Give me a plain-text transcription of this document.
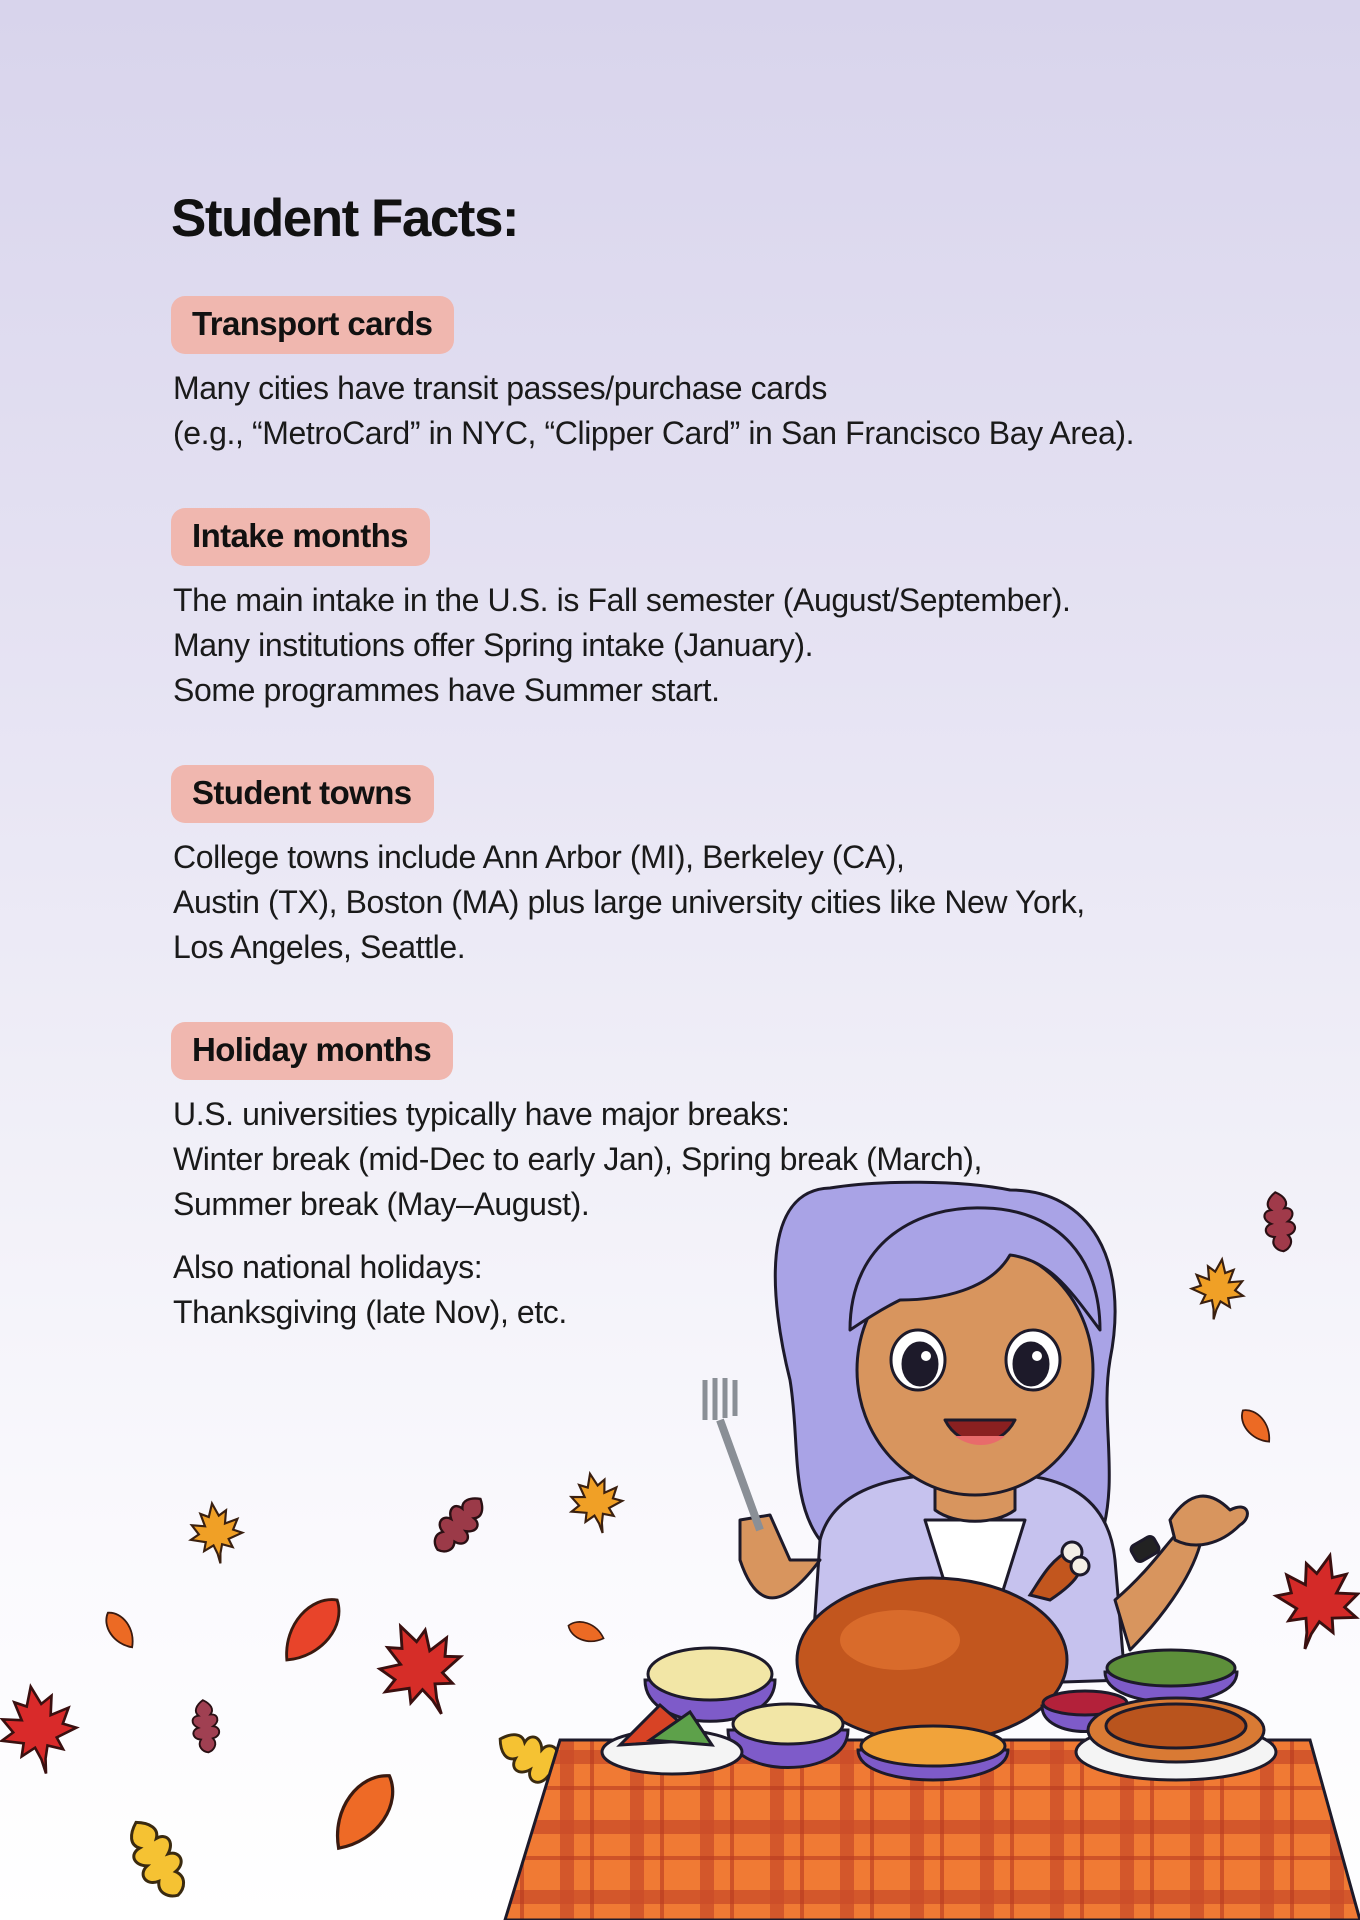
Student Facts:
Transport cards

Many cities have transit passes/purchase cards
(e.g., “MetroCard” in NYC, “Clipper Card” in San Francisco Bay Area).

Intake months

The main intake in the U.S. is Fall semester (August/September).
Many institutions offer Spring intake (January).
Some programmes have Summer start.

Student towns

College towns include Ann Arbor (MI), Berkeley (CA),
Austin (TX), Boston (MA) plus large university cities like New York,
Los Angeles, Seattle.

Holiday months

U.S. universities typically have major breaks:
Winter break (mid-Dec to early Jan), Spring break (March),
Summer break (May–August).

Also national holidays:
Thanksgiving (late Nov), etc.
